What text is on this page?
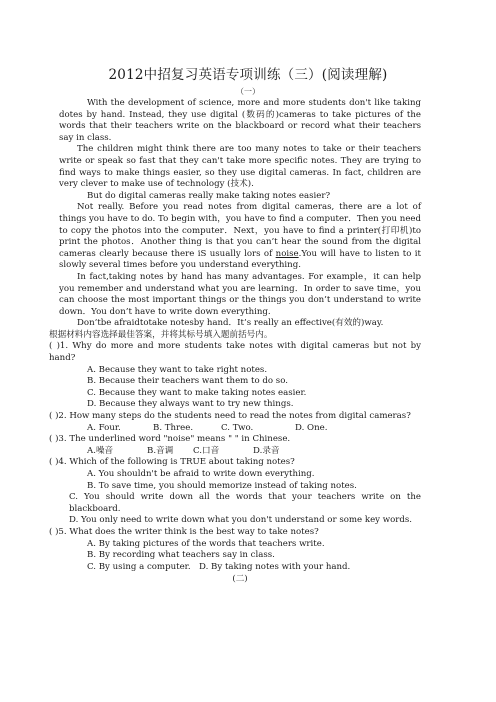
2012中招复习英语专项训练（三）(阅读理解)
（一）

With the development of science, more and more students don't like taking dotes by hand. Instead, they use digital (数码的)cameras to take pictures of the words that their teachers write on the blackboard or record what their teachers say in class.

The children might think there are too many notes to take or their teachers write or speak so fast that they can't take more specific notes. They are trying to find ways to make things easier, so they use digital cameras. In fact, children are very clever to make use of technology (技术).

But do digital cameras really make taking notes easier?

Not really. Before you read notes from digital cameras, there are a lot of things you have to do. To begin with，you have to find a computer．Then you need to copy the photos into the computer．Next，you have to find a printer(打印机)to print the photos．Another thing is that you can’t hear the sound from the digital cameras clearly because there iS usually lors of noise.You will have to listen to it slowly several times before you understand everything.

In fact,taking notes by hand has many advantages. For example，it can help you remember and understand what you are learning．In order to save time，you can choose the most important things or the things you don’t understand to write down．You don’t have to write down everything.

Don’tbe afraidtotake notesby hand．It’s really an effective(有效的)way.

根据材料内容选择最佳答案，并将其标号填入题前括号内。

( )1. Why do more and more students take notes with digital cameras but not by hand?

A. Because they want to take right notes.

B. Because their teachers want them to do so.

C. Because they want to make taking notes easier.

D. Because they always want to try new things.

( )2. How many steps do the students need to read the notes from digital cameras?

A. Four.	B. Three.	C. Two.	D. One.

( )3. The underlined word "noise" means " " in Chinese.

A.噪音	B.音调	C.口音	D.录音

( )4. Which of the following is TRUE about taking notes?

A. You shouldn't be afraid to write down everything.

B. To save time, you should memorize instead of taking notes.

C. You should write down all the words that your teachers write on the blackboard.

D. You only need to write down what you don't understand or some key words.

( )5. What does the writer think is the best way to take notes?

A. By taking pictures of the words that teachers write.

B. By recording what teachers say in class.

C. By using a computer. D. By taking notes with your hand.

(二)
